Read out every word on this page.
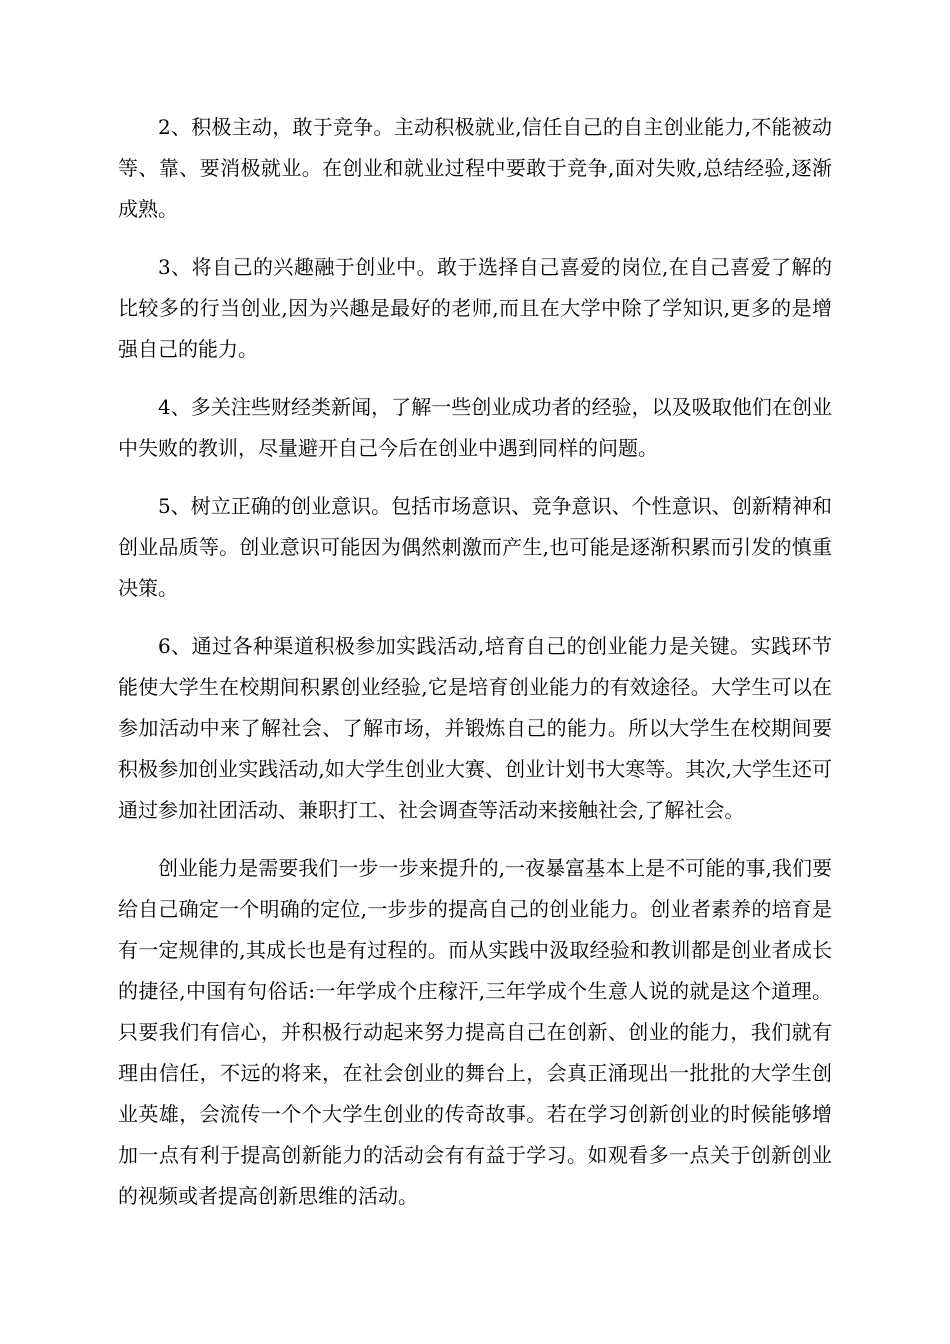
2、积极主动，敢于竞争。主动积极就业,信任自己的自主创业能力,不能被动等、靠、要消极就业。在创业和就业过程中要敢于竞争,面对失败,总结经验,逐渐成熟。

3、将自己的兴趣融于创业中。敢于选择自己喜爱的岗位,在自己喜爱了解的比较多的行当创业,因为兴趣是最好的老师,而且在大学中除了学知识,更多的是增强自己的能力。

4、多关注些财经类新闻，了解一些创业成功者的经验，以及吸取他们在创业中失败的教训，尽量避开自己今后在创业中遇到同样的问题。

5、树立正确的创业意识。包括市场意识、竞争意识、个性意识、创新精神和创业品质等。创业意识可能因为偶然刺激而产生,也可能是逐渐积累而引发的慎重决策。

6、通过各种渠道积极参加实践活动,培育自己的创业能力是关键。实践环节能使大学生在校期间积累创业经验,它是培育创业能力的有效途径。大学生可以在参加活动中来了解社会、了解市场，并锻炼自己的能力。所以大学生在校期间要积极参加创业实践活动,如大学生创业大赛、创业计划书大寒等。其次,大学生还可通过参加社团活动、兼职打工、社会调查等活动来接触社会,了解社会。

创业能力是需要我们一步一步来提升的,一夜暴富基本上是不可能的事,我们要给自己确定一个明确的定位,一步步的提高自己的创业能力。创业者素养的培育是有一定规律的,其成长也是有过程的。而从实践中汲取经验和教训都是创业者成长的捷径,中国有句俗话:一年学成个庄稼汗,三年学成个生意人说的就是这个道理。只要我们有信心，并积极行动起来努力提高自己在创新、创业的能力，我们就有理由信任，不远的将来，在社会创业的舞台上，会真正涌现出一批批的大学生创业英雄，会流传一个个大学生创业的传奇故事。若在学习创新创业的时候能够增加一点有利于提高创新能力的活动会有有益于学习。如观看多一点关于创新创业的视频或者提高创新思维的活动。
